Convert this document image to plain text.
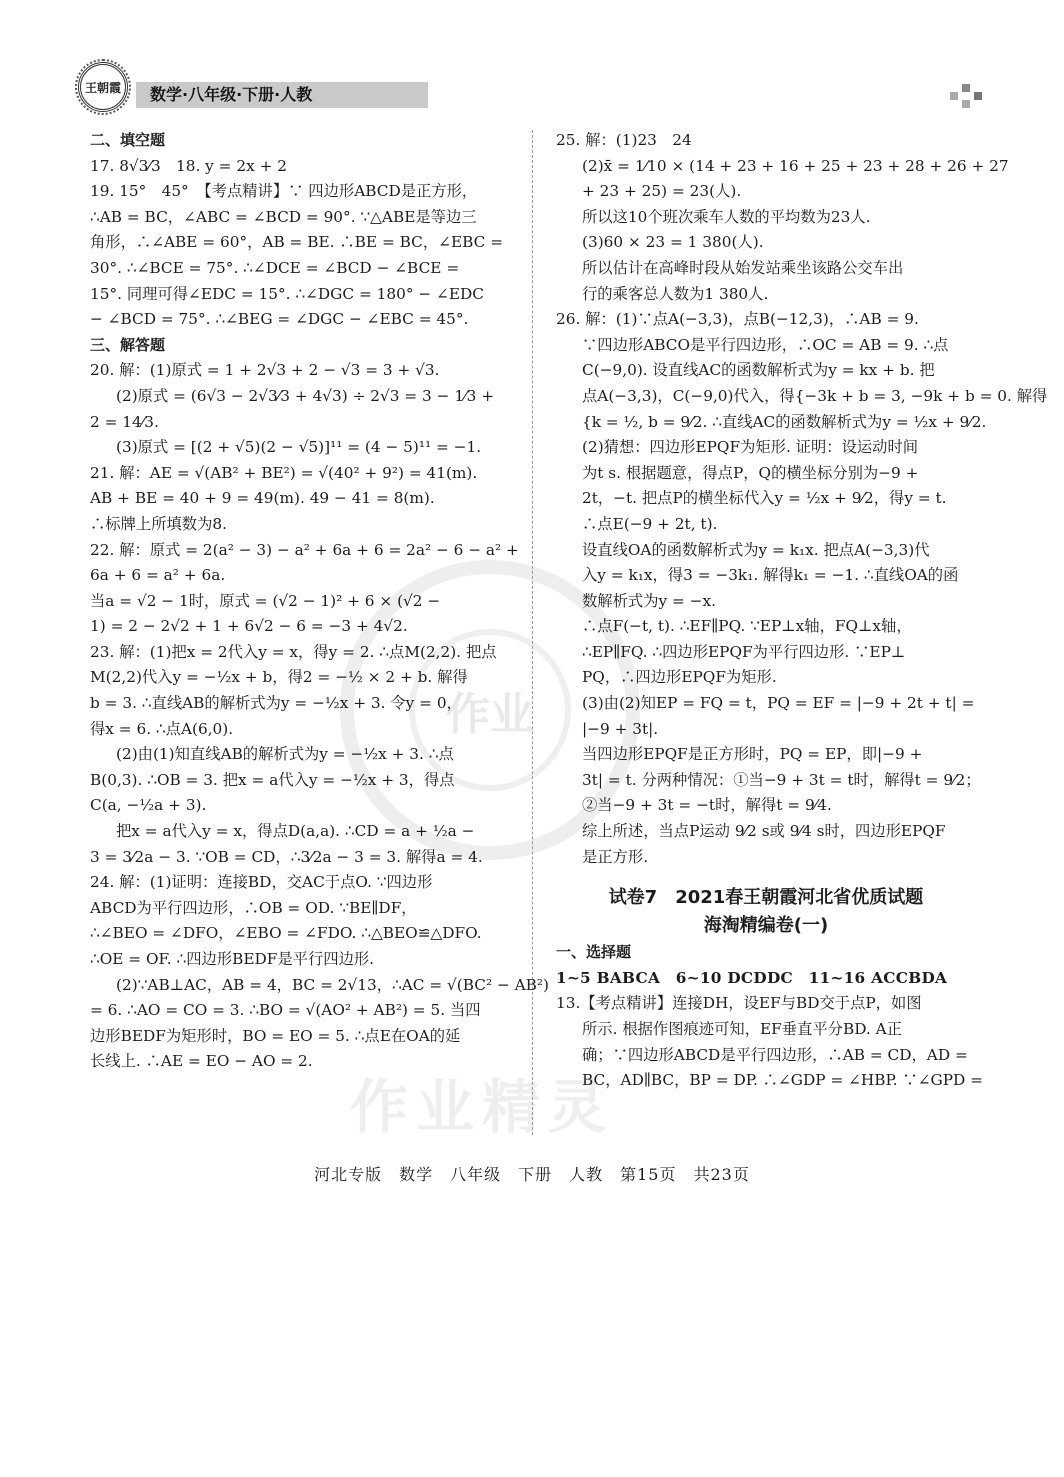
王朝霞	数学·八年级·下册·人教
作业
作业精灵

二、填空题

17. 8√3⁄3　18. y = 2x + 2

19. 15°　45°　【考点精讲】∵ 四边形ABCD是正方形，

∴AB = BC，∠ABC = ∠BCD = 90°. ∵△ABE是等边三

角形，∴∠ABE = 60°，AB = BE. ∴BE = BC，∠EBC =

30°. ∴∠BCE = 75°. ∴∠DCE = ∠BCD − ∠BCE =

15°. 同理可得∠EDC = 15°. ∴∠DGC = 180° − ∠EDC

− ∠BCD = 75°. ∴∠BEG = ∠DGC − ∠EBC = 45°.

三、解答题

20. 解：(1)原式 = 1 + 2√3 + 2 − √3 = 3 + √3.

(2)原式 = (6√3 − 2√3⁄3 + 4√3) ÷ 2√3 = 3 − 1⁄3 +

2 = 14⁄3.

(3)原式 = [(2 + √5)(2 − √5)]¹¹ = (4 − 5)¹¹ = −1.

21. 解：AE = √(AB² + BE²) = √(40² + 9²) = 41(m).

AB + BE = 40 + 9 = 49(m). 49 − 41 = 8(m).

∴标牌上所填数为8.

22. 解：原式 = 2(a² − 3) − a² + 6a + 6 = 2a² − 6 − a² +

6a + 6 = a² + 6a.

当a = √2 − 1时，原式 = (√2 − 1)² + 6 × (√2 −

1) = 2 − 2√2 + 1 + 6√2 − 6 = −3 + 4√2.

23. 解：(1)把x = 2代入y = x，得y = 2. ∴点M(2,2). 把点

M(2,2)代入y = −½x + b，得2 = −½ × 2 + b. 解得

b = 3. ∴直线AB的解析式为y = −½x + 3. 令y = 0，

得x = 6. ∴点A(6,0).

(2)由(1)知直线AB的解析式为y = −½x + 3. ∴点

B(0,3). ∴OB = 3. 把x = a代入y = −½x + 3，得点

C(a, −½a + 3).

把x = a代入y = x，得点D(a,a). ∴CD = a + ½a −

3 = 3⁄2a − 3. ∵OB = CD，∴3⁄2a − 3 = 3. 解得a = 4.

24. 解：(1)证明：连接BD，交AC于点O. ∵四边形

ABCD为平行四边形，∴OB = OD. ∵BE∥DF，

∴∠BEO = ∠DFO，∠EBO = ∠FDO. ∴△BEO≌△DFO.

∴OE = OF. ∴四边形BEDF是平行四边形.

(2)∵AB⊥AC，AB = 4，BC = 2√13，∴AC = √(BC² − AB²)

= 6. ∴AO = CO = 3. ∴BO = √(AO² + AB²) = 5. 当四

边形BEDF为矩形时，BO = EO = 5. ∴点E在OA的延

长线上. ∴AE = EO − AO = 2.

25. 解：(1)23　24

(2)x̄ = 1⁄10 × (14 + 23 + 16 + 25 + 23 + 28 + 26 + 27

+ 23 + 25) = 23(人).

所以这10个班次乘车人数的平均数为23人.

(3)60 × 23 = 1 380(人).

所以估计在高峰时段从始发站乘坐该路公交车出

行的乘客总人数为1 380人.

26. 解：(1)∵点A(−3,3)，点B(−12,3)，∴AB = 9.

∵四边形ABCO是平行四边形，∴OC = AB = 9. ∴点

C(−9,0). 设直线AC的函数解析式为y = kx + b. 把

点A(−3,3)，C(−9,0)代入，得{−3k + b = 3, −9k + b = 0. 解得

{k = ½, b = 9⁄2. ∴直线AC的函数解析式为y = ½x + 9⁄2.

(2)猜想：四边形EPQF为矩形. 证明：设运动时间

为t s. 根据题意，得点P，Q的横坐标分别为−9 +

2t，−t. 把点P的横坐标代入y = ½x + 9⁄2，得y = t.

∴点E(−9 + 2t, t).

设直线OA的函数解析式为y = k₁x. 把点A(−3,3)代

入y = k₁x，得3 = −3k₁. 解得k₁ = −1. ∴直线OA的函

数解析式为y = −x.

∴点F(−t, t). ∴EF∥PQ. ∵EP⊥x轴，FQ⊥x轴，

∴EP∥FQ. ∴四边形EPQF为平行四边形. ∵EP⊥

PQ，∴四边形EPQF为矩形.

(3)由(2)知EP = FQ = t，PQ = EF = |−9 + 2t + t| =

|−9 + 3t|.

当四边形EPQF是正方形时，PQ = EP，即|−9 +

3t| = t. 分两种情况：①当−9 + 3t = t时，解得t = 9⁄2；

②当−9 + 3t = −t时，解得t = 9⁄4.

综上所述，当点P运动 9⁄2 s或 9⁄4 s时，四边形EPQF

是正方形.

试卷7　2021春王朝霞河北省优质试题

海淘精编卷(一)

一、选择题

1~5 BABCA　6~10 DCDDC　11~16 ACCBDA

13.【考点精讲】连接DH，设EF与BD交于点P，如图

所示. 根据作图痕迹可知，EF垂直平分BD. A正

确；∵四边形ABCD是平行四边形，∴AB = CD，AD =

BC，AD∥BC，BP = DP. ∴∠GDP = ∠HBP. ∵∠GPD =

河北专版　数学　八年级　下册　人教　第15页　共23页
